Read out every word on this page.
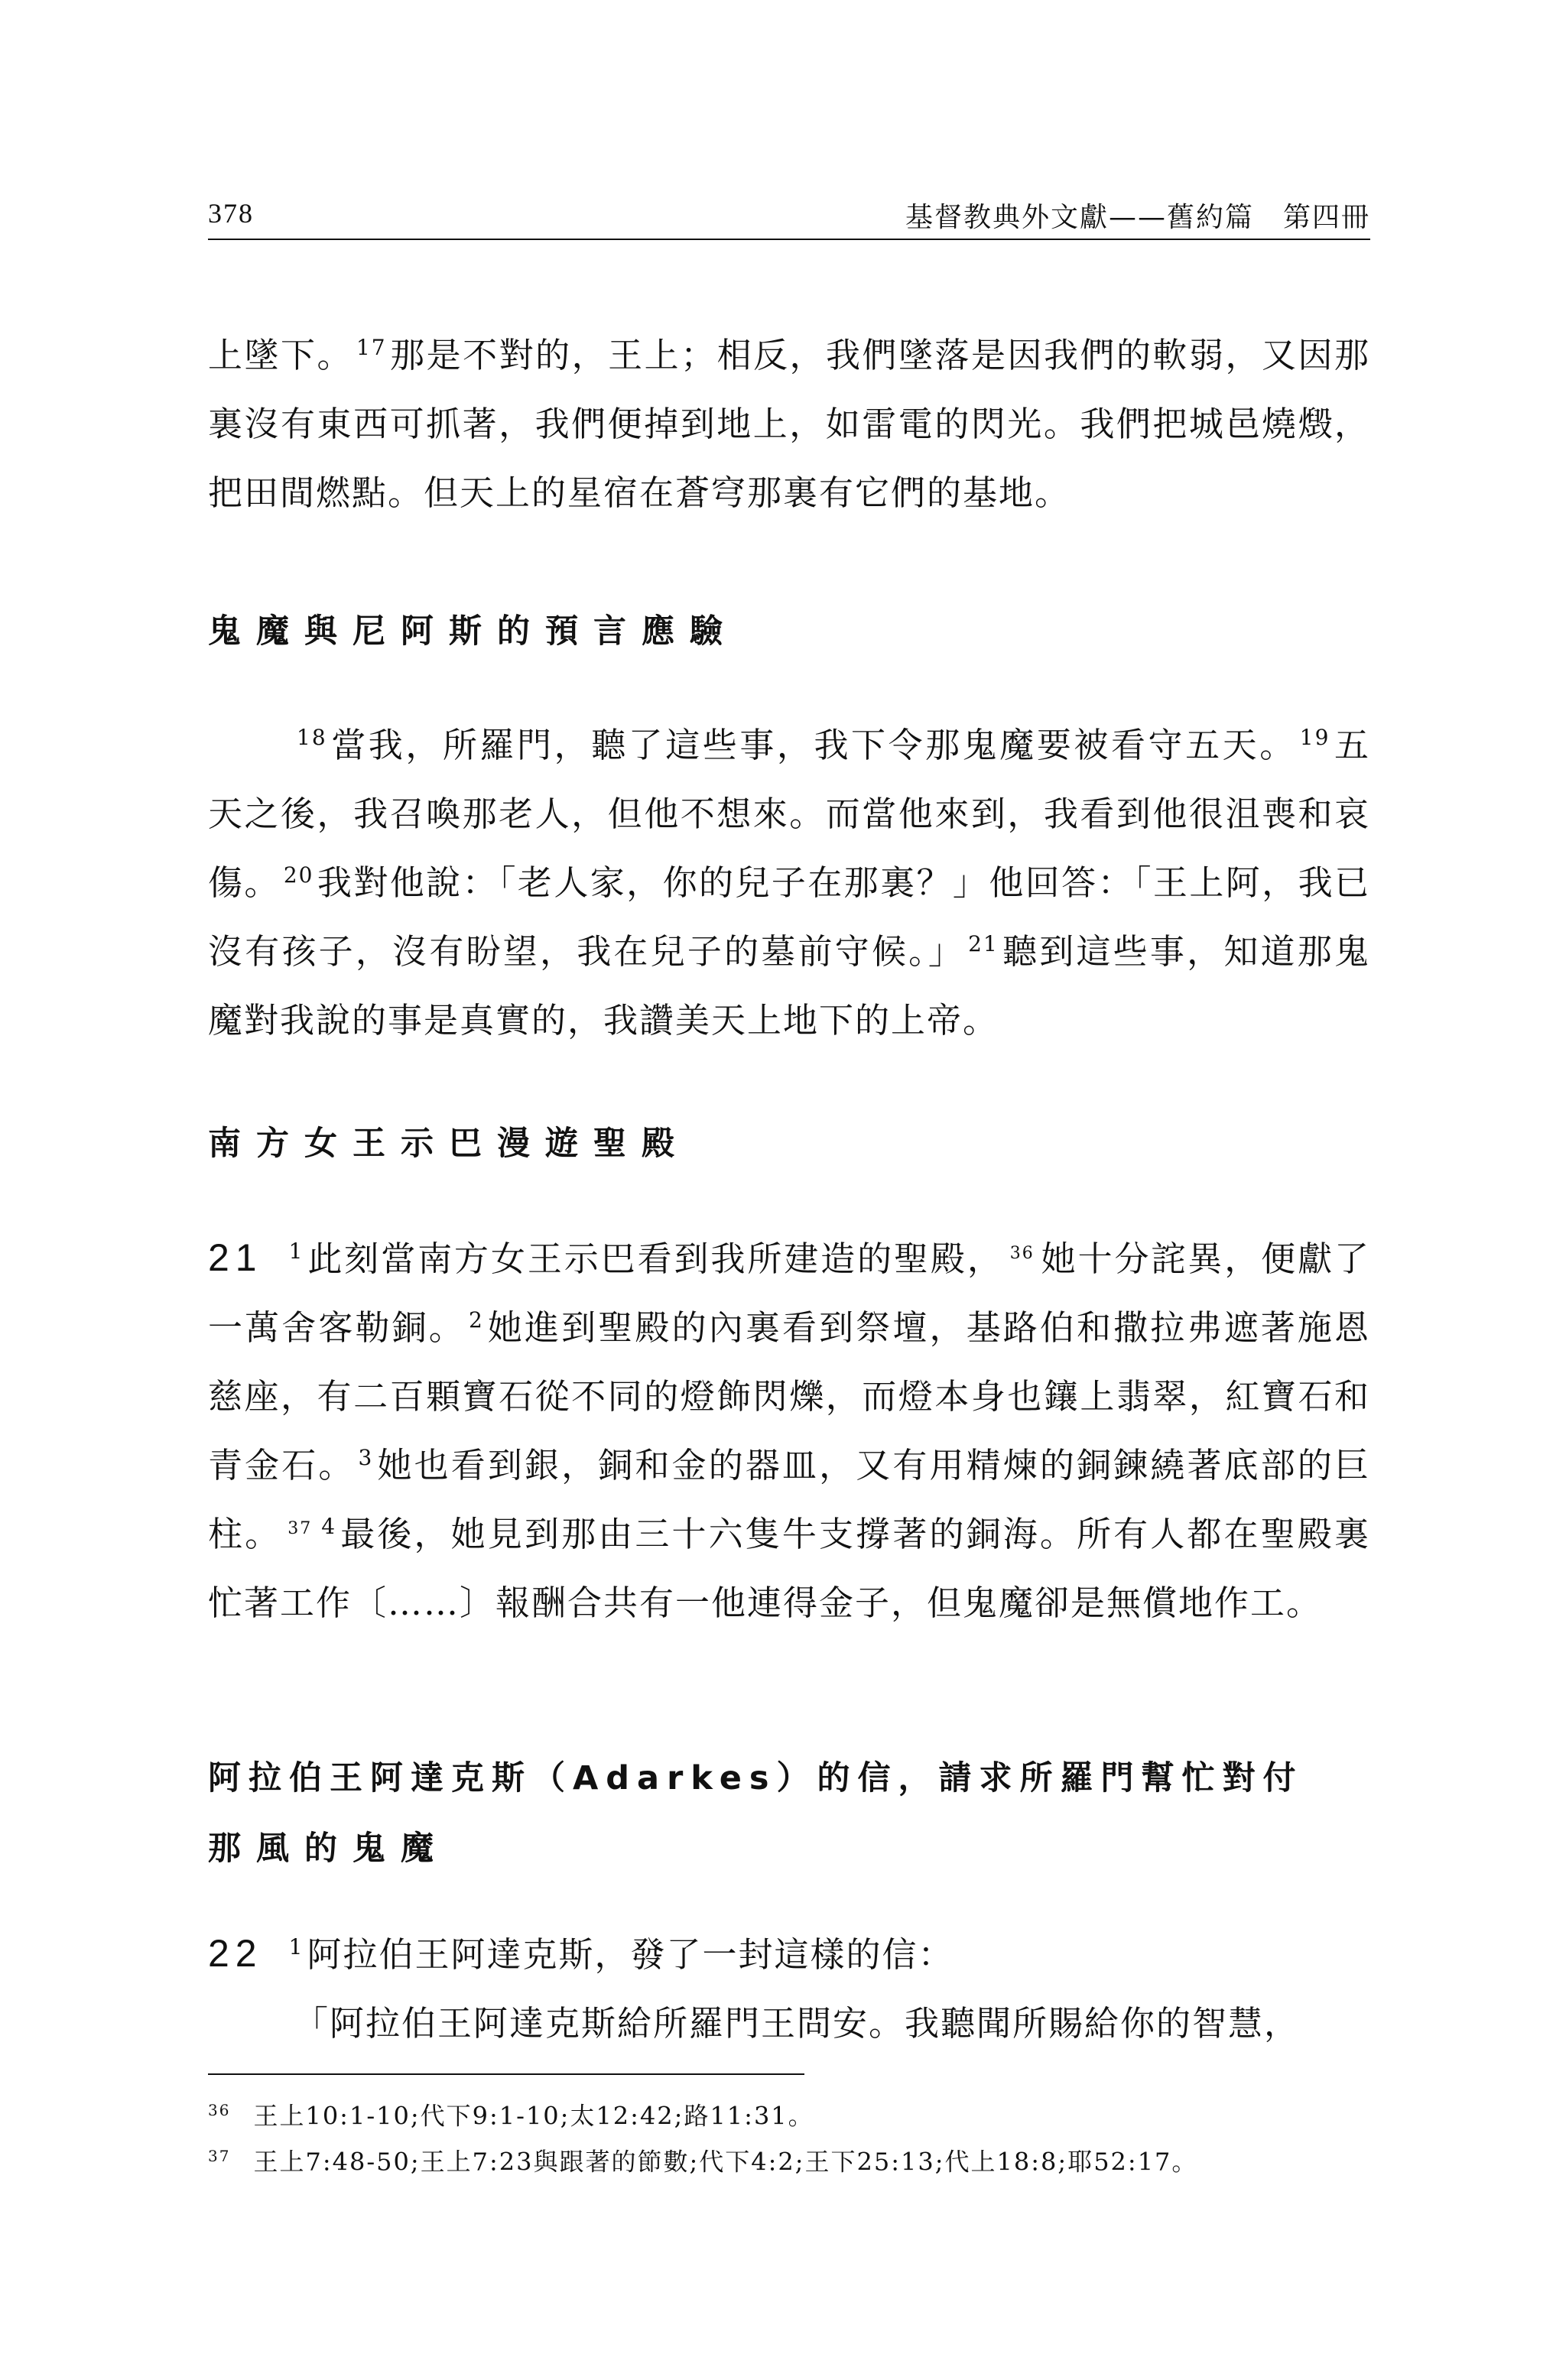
378	基督教典外文獻——舊約篇　第四冊

上墜下。 $^{17}$那是不對的，王上；相反，我們墜落是因我們的軟弱，又因那裏沒有東西可抓著，我們便掉到地上，如雷電的閃光。我們把城邑燒燬，把田間燃點。但天上的星宿在蒼穹那裏有它們的基地。

鬼魔與尼阿斯的預言應驗

$^{18}$當我，所羅門，聽了這些事，我下令那鬼魔要被看守五天。 $^{19}$五天之後，我召喚那老人，但他不想來。而當他來到，我看到他很沮喪和哀傷。 $^{20}$我對他說：「老人家，你的兒子在那裏？」他回答：「王上阿，我已沒有孩子，沒有盼望，我在兒子的墓前守候。」 $^{21}$聽到這些事，知道那鬼魔對我說的事是真實的，我讚美天上地下的上帝。

南方女王示巴漫遊聖殿

21 $^1$此刻當南方女王示巴看到我所建造的聖殿， $^{36}$ 她十分詫異，便獻了一萬舍客勒銅。 $^2$她進到聖殿的內裏看到祭壇，基路伯和撒拉弗遮著施恩慈座，有二百顆寶石從不同的燈飾閃爍，而燈本身也鑲上翡翠，紅寶石和青金石。 $^3$她也看到銀，銅和金的器皿，又有用精煉的銅鍊繞著底部的巨柱。 $^{37}$ $^4$最後，她見到那由三十六隻牛支撐著的銅海。所有人都在聖殿裏忙著工作〔……〕報酬合共有一他連得金子，但鬼魔卻是無償地作工。

阿拉伯王阿達克斯（Adarkes）的信，請求所羅門幫忙對付
那風的鬼魔

22 $^1$阿拉伯王阿達克斯，發了一封這樣的信：
「阿拉伯王阿達克斯給所羅門王問安。我聽聞所賜給你的智慧，

$^{36}$ 王上10:1-10;代下9:1-10;太12:42;路11:31。
$^{37}$ 王上7:48-50;王上7:23與跟著的節數;代下4:2;王下25:13;代上18:8;耶52:17。
